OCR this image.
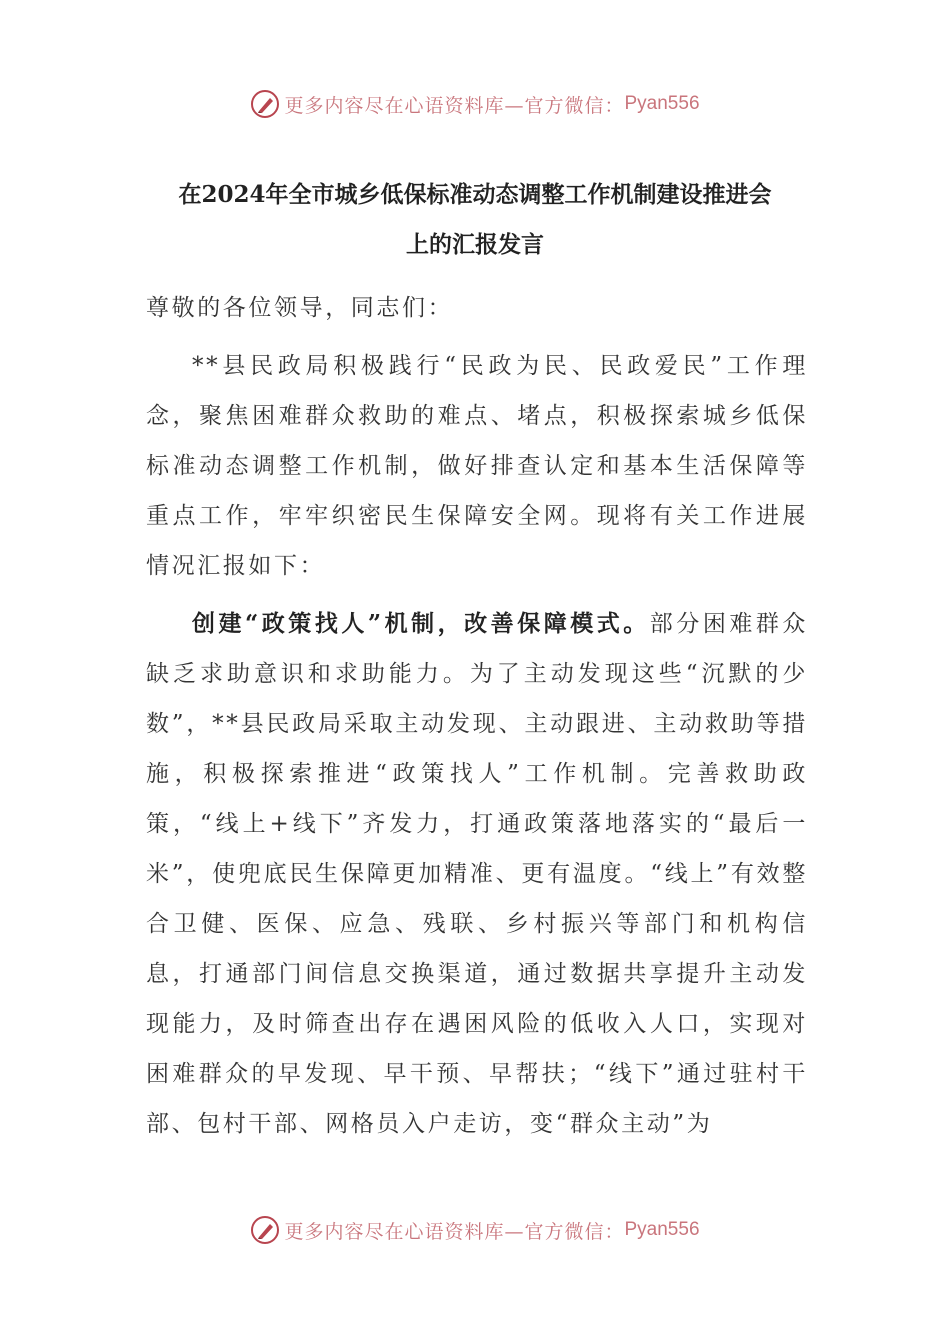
更多内容尽在心语资料库—官方微信： Pyan556
在2024年全市城乡低保标准动态调整工作机制建设推进会
上的汇报发言

尊敬的各位领导，同志们：

**县民政局积极践行“民政为民、民政爱民”工作理念，聚焦困难群众救助的难点、堵点，积极探索城乡低保标准动态调整工作机制，做好排查认定和基本生活保障等重点工作，牢牢织密民生保障安全网。现将有关工作进展情况汇报如下：

创建“政策找人”机制，改善保障模式。部分困难群众缺乏求助意识和求助能力。为了主动发现这些“沉默的少数”，**县民政局采取主动发现、主动跟进、主动救助等措施，积极探索推进“政策找人”工作机制。完善救助政策，“线上+线下”齐发力，打通政策落地落实的“最后一米”，使兜底民生保障更加精准、更有温度。“线上”有效整合卫健、医保、应急、残联、乡村振兴等部门和机构信息，打通部门间信息交换渠道，通过数据共享提升主动发现能力，及时筛查出存在遇困风险的低收入人口，实现对困难群众的早发现、早干预、早帮扶；“线下”通过驻村干部、包村干部、网格员入户走访，变“群众主动”为

更多内容尽在心语资料库—官方微信： Pyan556
